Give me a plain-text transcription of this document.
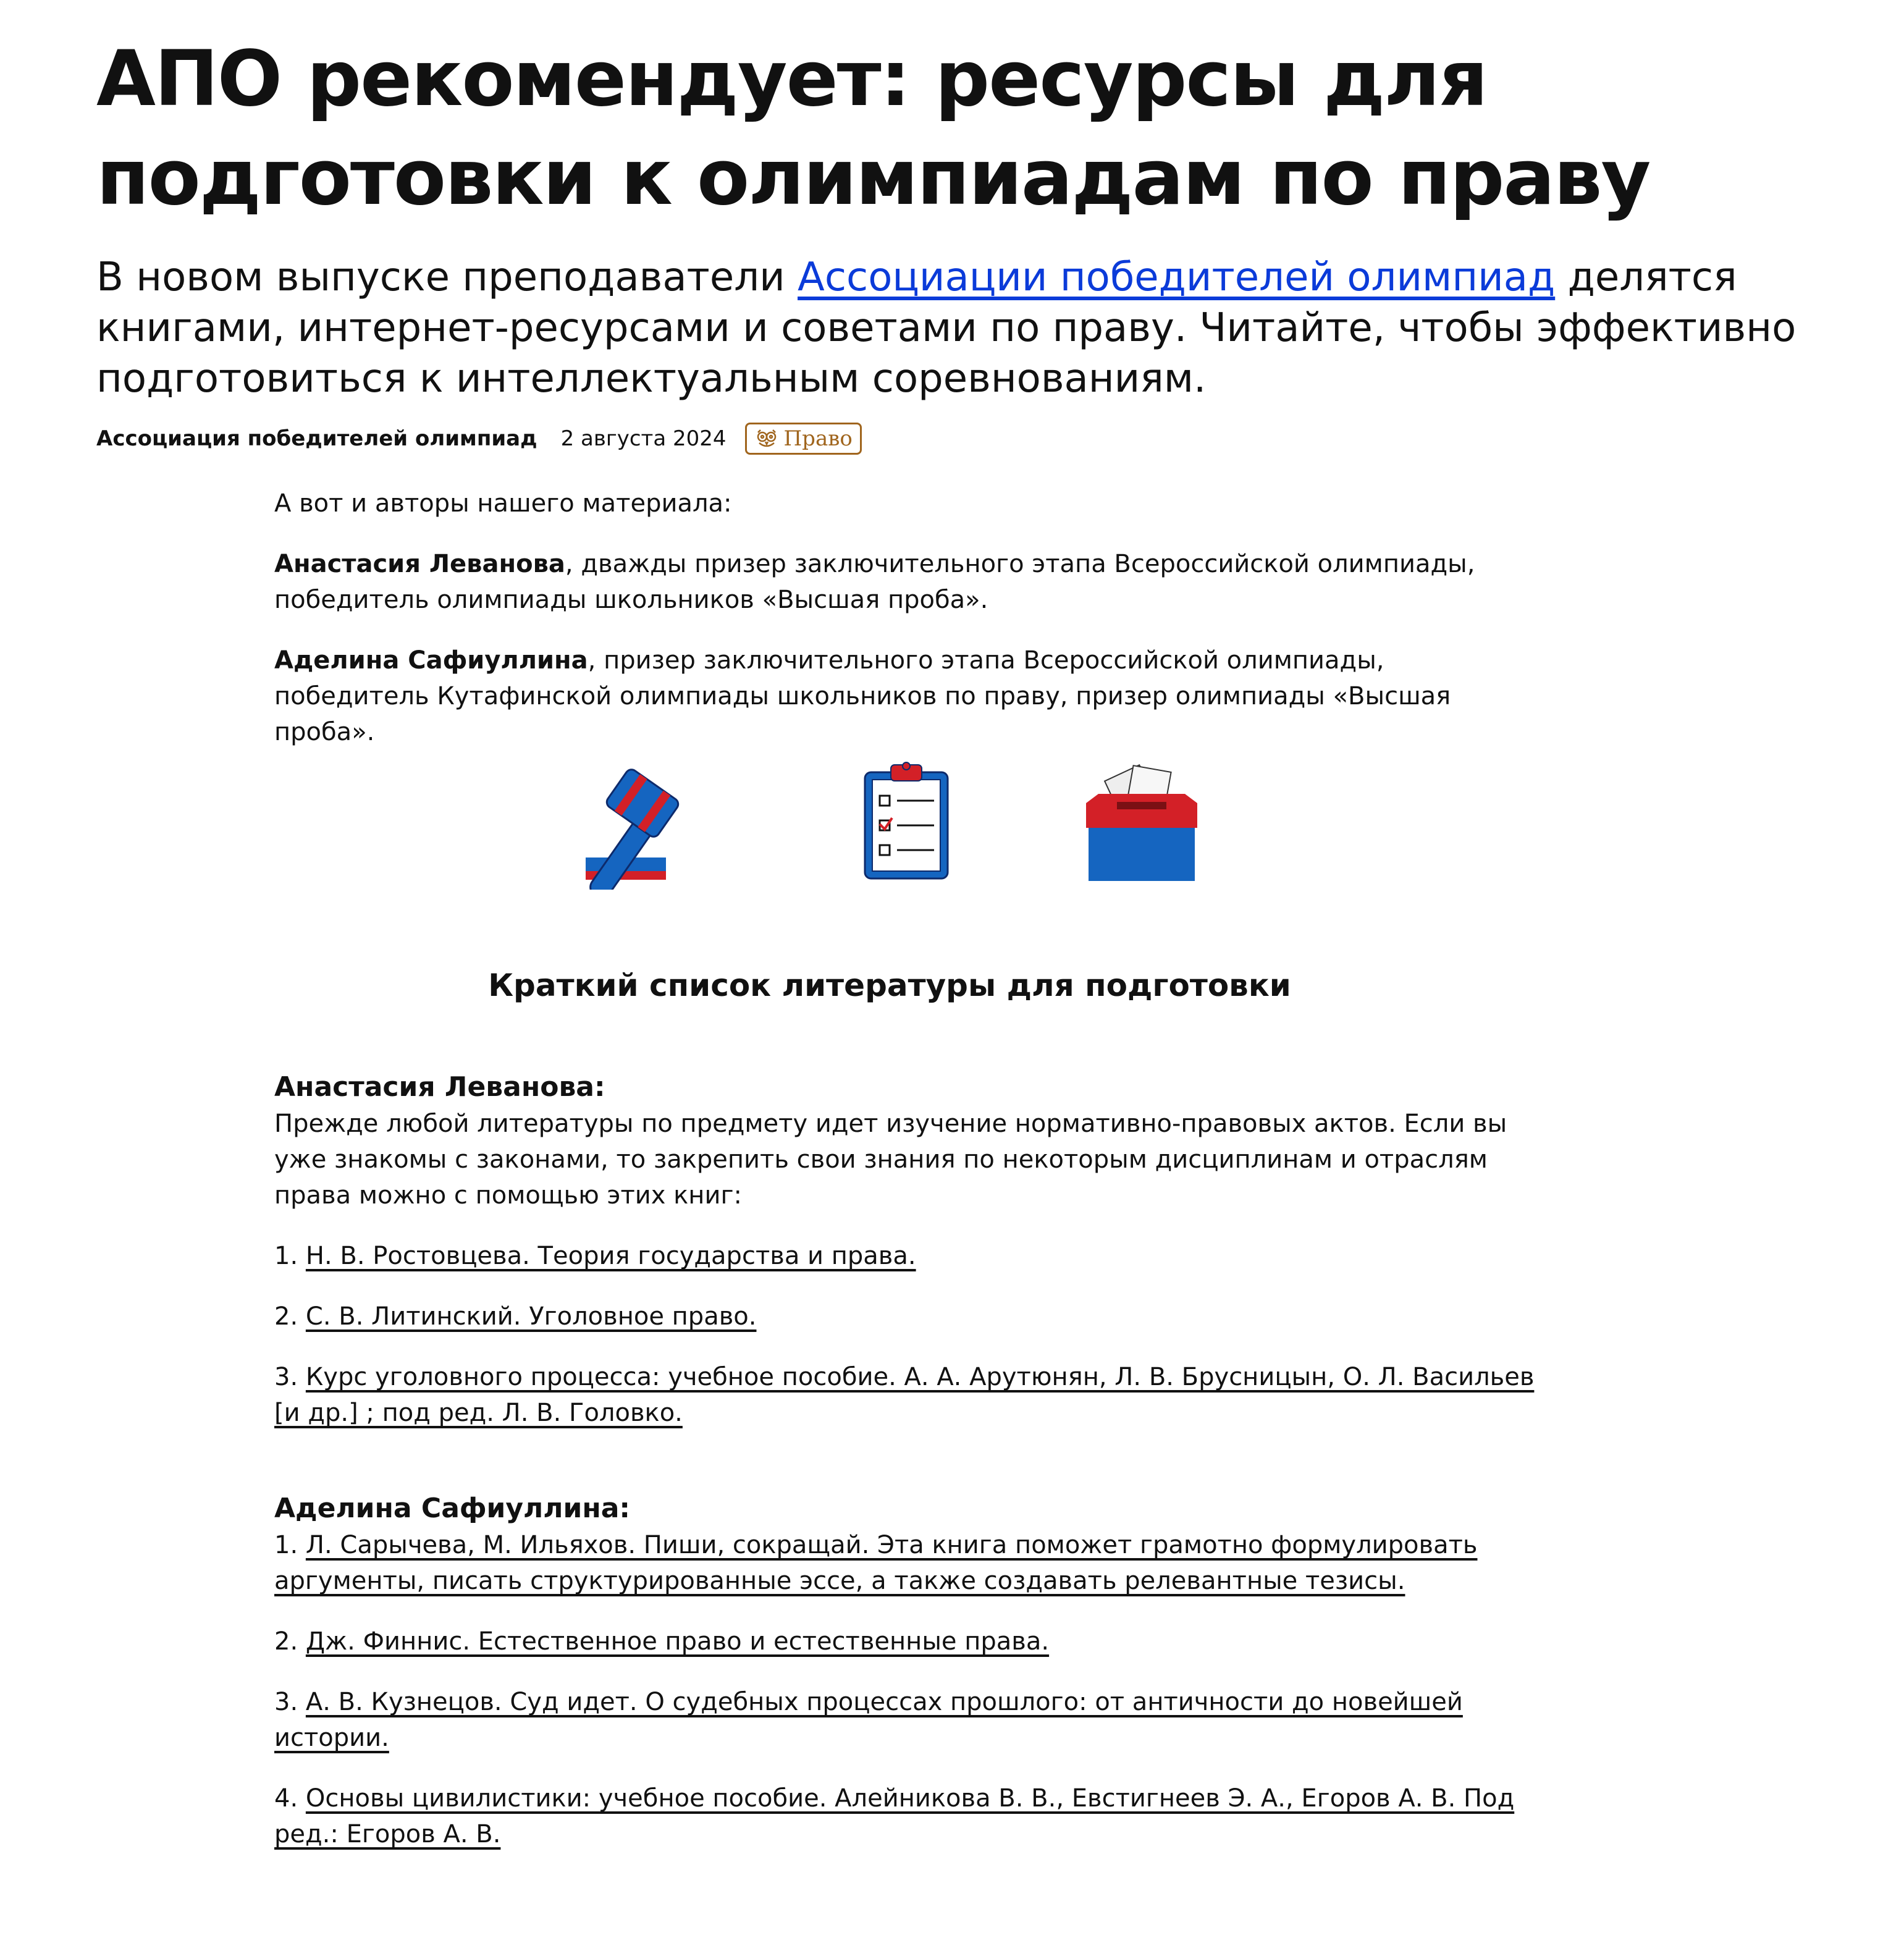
АПО рекомендует: ресурсы для подготовки к олимпиадам по праву

В новом выпуске преподаватели Ассоциации победителей олимпиад делятся книгами, интернет-ресурсами и советами по праву. Читайте, чтобы эффективно подготовиться к интеллектуальным соревнованиям.

Ассоциация победителей олимпиад 2 августа 2024	Право

А вот и авторы нашего материала:

Анастасия Леванова, дважды призер заключительного этапа Всероссийской олимпиады, победитель олимпиады школьников «Высшая проба».

Аделина Сафиуллина, призер заключительного этапа Всероссийской олимпиады, победитель Кутафинской олимпиады школьников по праву, призер олимпиады «Высшая проба».

Краткий список литературы для подготовки

Анастасия Леванова:

Прежде любой литературы по предмету идет изучение нормативно-правовых актов. Если вы уже знакомы с законами, то закрепить свои знания по некоторым дисциплинам и отраслям права можно с помощью этих книг:

1. Н. В. Ростовцева. Теория государства и права.

2. С. В. Литинский. Уголовное право.

3. Курс уголовного процесса: учебное пособие. А. А. Арутюнян, Л. В. Брусницын, О. Л. Васильев [и др.] ; под ред. Л. В. Головко.

Аделина Сафиуллина:

1. Л. Сарычева, М. Ильяхов. Пиши, сокращай. Эта книга поможет грамотно формулировать аргументы, писать структурированные эссе, а также создавать релевантные тезисы.

2. Дж. Финнис. Естественное право и естественные права.

3. А. В. Кузнецов. Суд идет. О судебных процессах прошлого: от античности до новейшей истории.

4. Основы цивилистики: учебное пособие. Алейникова В. В., Евстигнеев Э. А., Егоров А. В. Под ред.: Егоров А. В.
